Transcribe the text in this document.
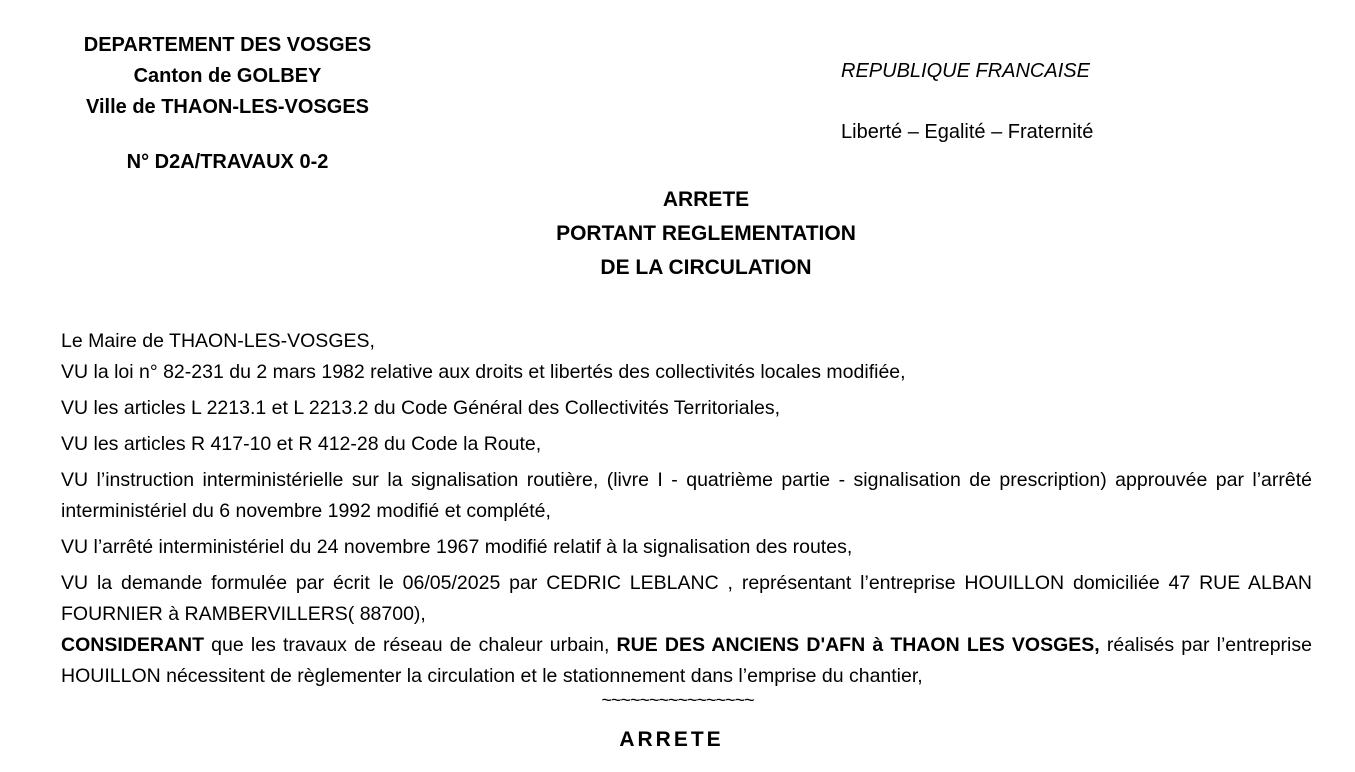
DEPARTEMENT DES VOSGES
Canton de GOLBEY
Ville de THAON-LES-VOSGES
N° D2A/TRAVAUX 0-2
REPUBLIQUE FRANCAISE
Liberté – Egalité – Fraternité
ARRETE
PORTANT REGLEMENTATION
DE LA CIRCULATION
Le Maire de THAON-LES-VOSGES,
VU la loi n° 82-231 du 2 mars 1982 relative aux droits et libertés des collectivités locales modifiée,
VU les articles L 2213.1 et L 2213.2 du Code Général des Collectivités Territoriales,
VU les articles R 417-10 et R 412-28 du Code la Route,
VU l’instruction interministérielle sur la signalisation routière, (livre I - quatrième partie - signalisation de prescription) approuvée par l’arrêté interministériel du 6 novembre 1992 modifié et complété,
VU l’arrêté interministériel du 24 novembre 1967 modifié relatif à la signalisation des routes,
VU la demande formulée par écrit le 06/05/2025 par CEDRIC LEBLANC , représentant l’entreprise HOUILLON domiciliée 47 RUE ALBAN FOURNIER à RAMBERVILLERS( 88700),
CONSIDERANT que les travaux de réseau de chaleur urbain, RUE DES ANCIENS D'AFN à THAON LES VOSGES, réalisés par l’entreprise HOUILLON nécessitent de règlementer la circulation et le stationnement dans l’emprise du chantier,
~~~~~~~~~~~~~~~~
ARRETE
